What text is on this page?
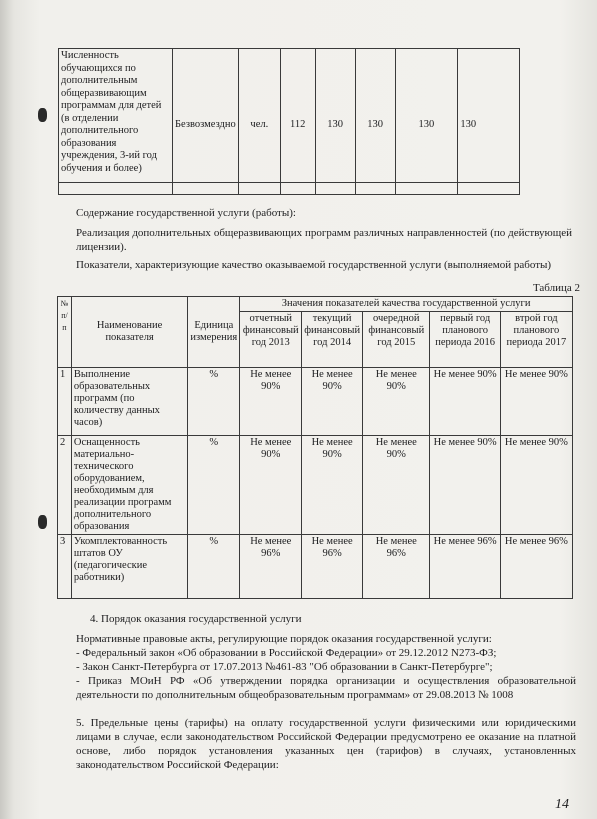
Численность обучающихся по дополнительным общеразвивающим программам для детей (в отделении дополнительного образования учреждения, 3-ий год обучения и более)	Безвозмездно	чел.	112	130	130	130	130

Содержание государственной услуги (работы):
Реализация дополнительных общеразвивающих программ различных направленностей (по действующей лицензии).
Показатели, характеризующие качество оказываемой государственной услуги (выполняемой работы)
Таблица 2
№ п/п	Наименование показателя	Единица измерения	Значения показателей качества государственной услуги				
			отчетный финансовый год 2013	текущий финансовый год 2014	очередной финансовый год 2015	первый год планового периода 2016	втрой год планового периода 2017
1	Выполнение образовательных программ (по количеству данных часов)	%	Не менее 90%	Не менее 90%	Не менее 90%	Не менее 90%	Не менее 90%
2	Оснащенность материально-технического оборудованием, необходимым для реализации программ дополнительного образования	%	Не менее 90%	Не менее 90%	Не менее 90%	Не менее 90%	Не менее 90%
3	Укомплектованность штатов ОУ (педагогические работники)	%	Не менее 96%	Не менее 96%	Не менее 96%	Не менее 96%	Не менее 96%
4. Порядок оказания государственной услуги
Нормативные правовые акты, регулирующие порядок оказания государственной услуги:
- Федеральный закон «Об образовании в Российской Федерации» от 29.12.2012 N273-ФЗ;
- Закон Санкт-Петербурга от 17.07.2013 №461-83 "Об образовании в Санкт-Петербурге";
- Приказ МОиН РФ «Об утверждении порядка организации и осуществления образовательной деятельности по дополнительным общеобразовательным программам» от 29.08.2013 № 1008
5. Предельные цены (тарифы) на оплату государственной услуги физическими или юридическими лицами в случае, если законодательством Российской Федерации предусмотрено ее оказание на платной основе, либо порядок установления указанных цен (тарифов) в случаях, установленных законодательством Российской Федерации:
14
